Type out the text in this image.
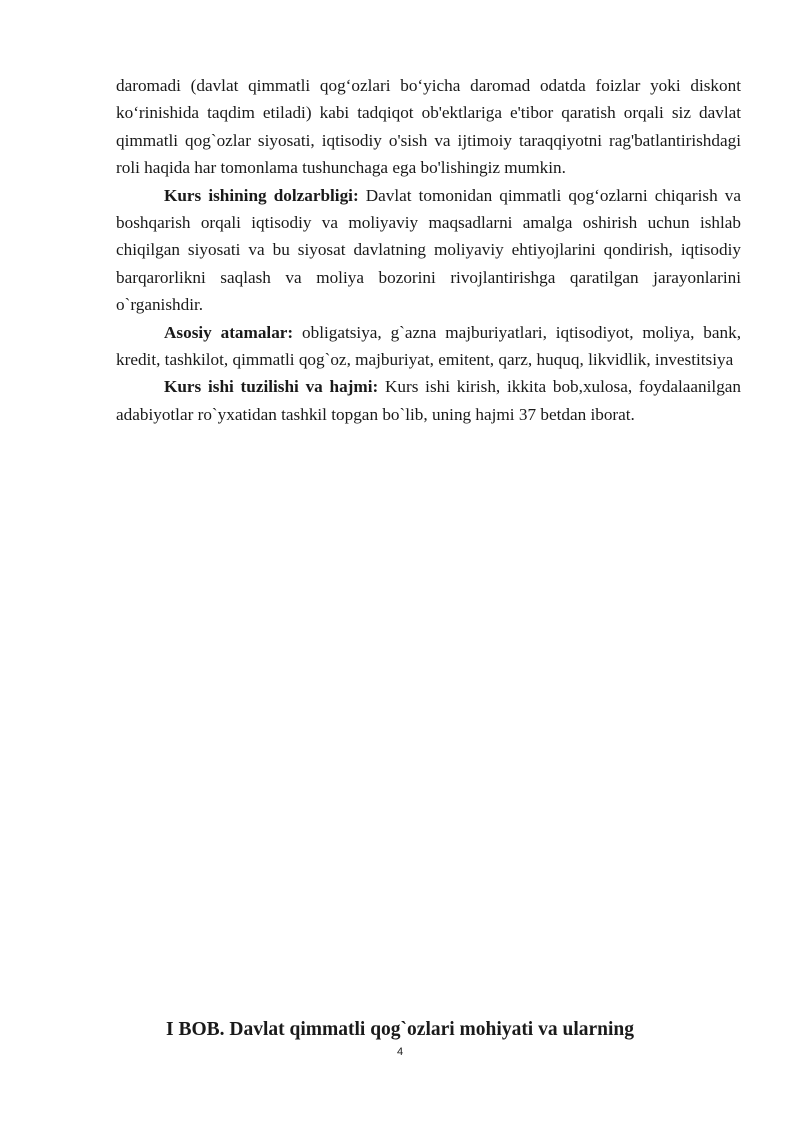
daromadi (davlat qimmatli qog‘ozlari bo‘yicha daromad odatda foizlar yoki diskont ko‘rinishida taqdim etiladi) kabi tadqiqot ob'ektlariga e'tibor qaratish orqali siz davlat qimmatli qog`ozlar siyosati, iqtisodiy o'sish va ijtimoiy taraqqiyotni rag'batlantirishdagi roli haqida har tomonlama tushunchaga ega bo'lishingiz mumkin.

Kurs ishining dolzarbligi: Davlat tomonidan qimmatli qog‘ozlarni chiqarish va boshqarish orqali iqtisodiy va moliyaviy maqsadlarni amalga oshirish uchun ishlab chiqilgan siyosati va bu siyosat davlatning moliyaviy ehtiyojlarini qondirish, iqtisodiy barqarorlikni saqlash va moliya bozorini rivojlantirishga qaratilgan jarayonlarini o`rganishdir.

Asosiy atamalar: obligatsiya, g`azna majburiyatlari, iqtisodiyot, moliya, bank, kredit, tashkilot, qimmatli qog`oz, majburiyat, emitent, qarz, huquq, likvidlik, investitsiya

Kurs ishi tuzilishi va hajmi: Kurs ishi kirish, ikkita bob,xulosa, foydalaanilgan adabiyotlar ro`yxatidan tashkil topgan bo`lib, uning hajmi 37 betdan iborat.

I BOB. Davlat qimmatli qog`ozlari mohiyati va ularning
4
